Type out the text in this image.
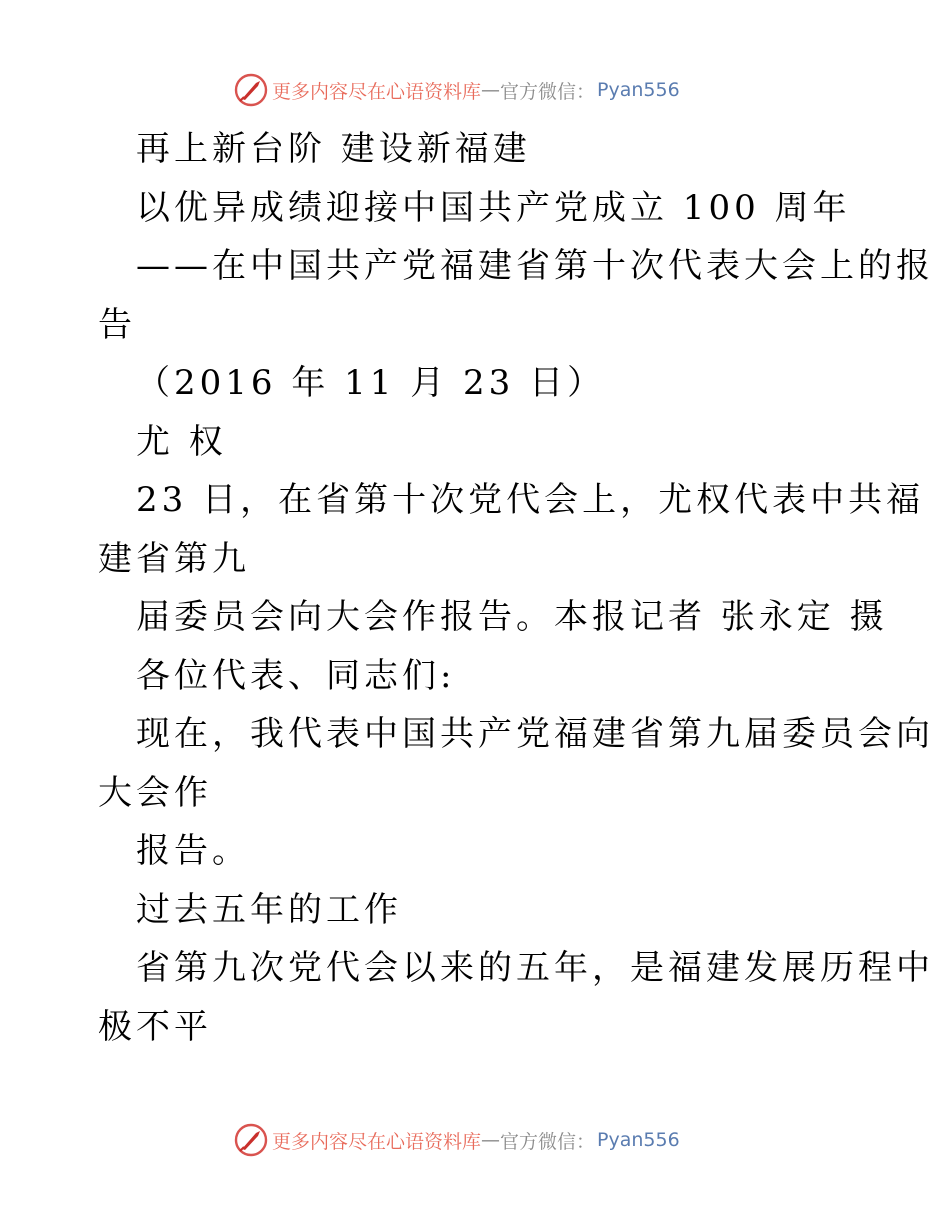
更多内容尽在心语资料库 — 官方微信： Pyan556
再上新台阶 建设新福建
以优异成绩迎接中国共产党成立 100 周年
——在中国共产党福建省第十次代表大会上的报
告
（2016 年 11 月 23 日）
尤 权
23 日，在省第十次党代会上，尤权代表中共福
建省第九
届委员会向大会作报告。本报记者 张永定 摄
各位代表、同志们:
现在，我代表中国共产党福建省第九届委员会向
大会作
报告。
过去五年的工作
省第九次党代会以来的五年，是福建发展历程中
极不平
更多内容尽在心语资料库 — 官方微信： Pyan556
